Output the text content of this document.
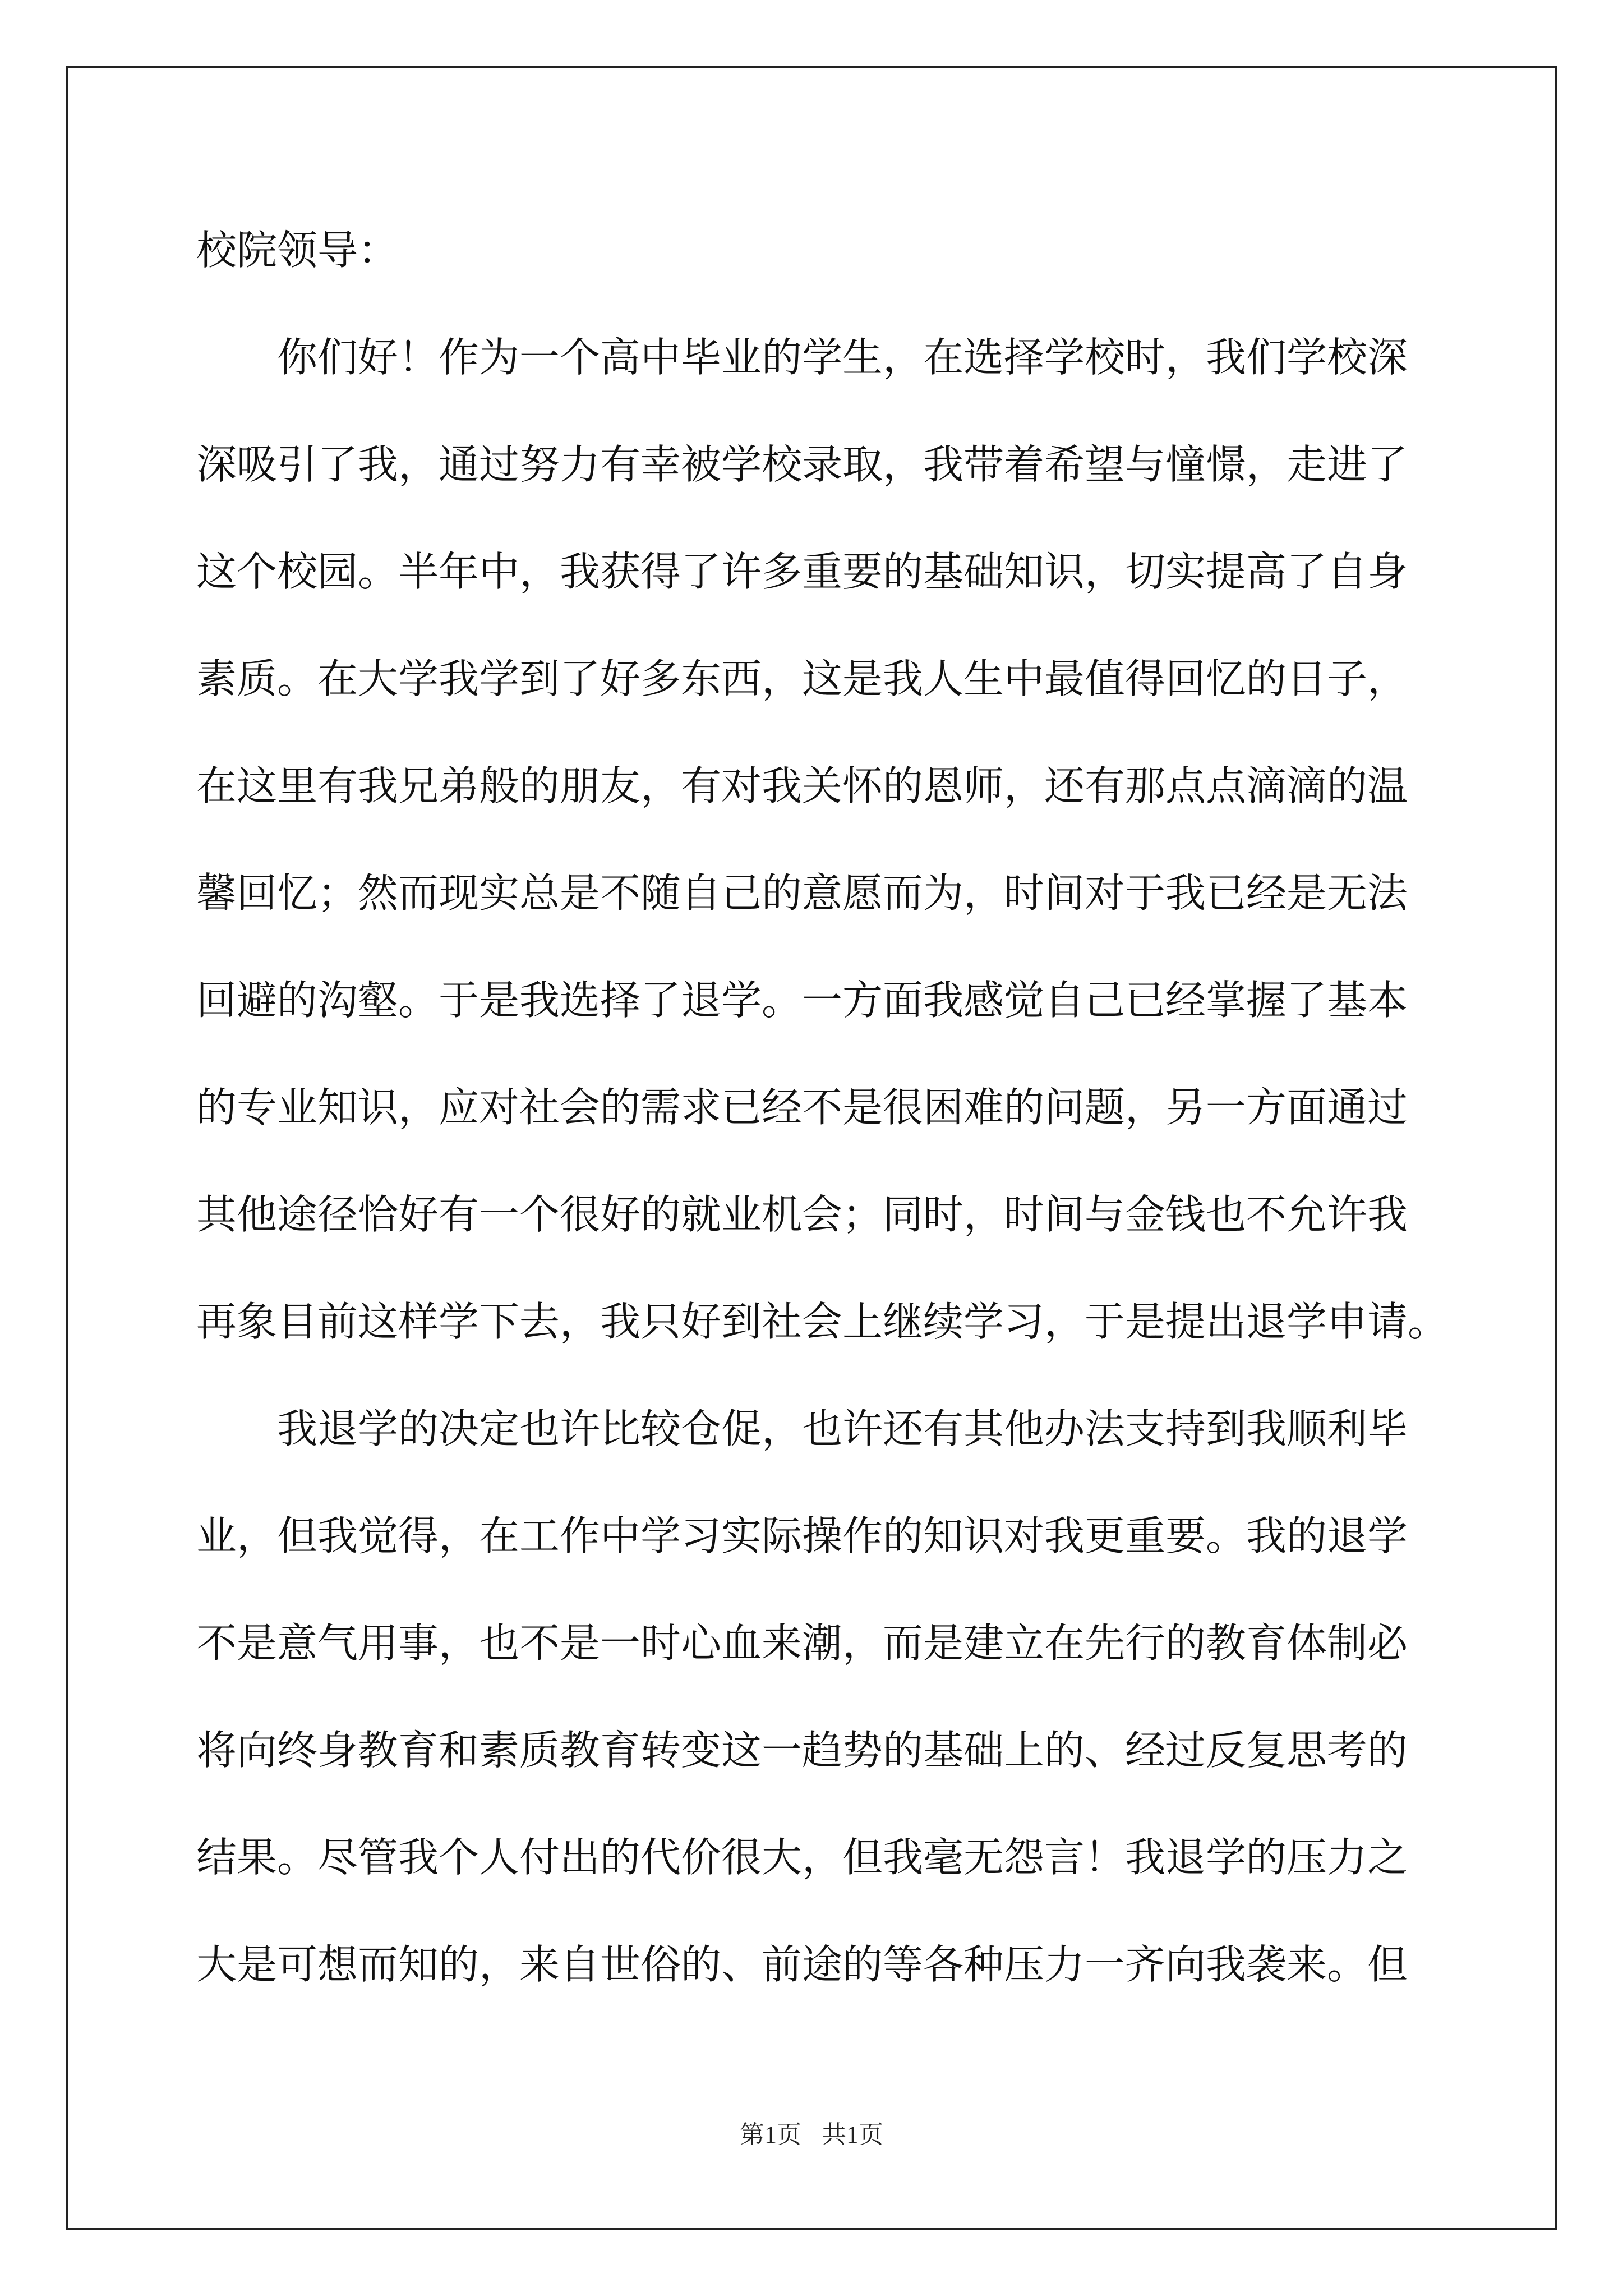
校院领导：
你们好！作为一个高中毕业的学生，在选择学校时，我们学校深
深吸引了我，通过努力有幸被学校录取，我带着希望与憧憬，走进了
这个校园。半年中，我获得了许多重要的基础知识，切实提高了自身
素质。在大学我学到了好多东西，这是我人生中最值得回忆的日子，
在这里有我兄弟般的朋友，有对我关怀的恩师，还有那点点滴滴的温
馨回忆；然而现实总是不随自己的意愿而为，时间对于我已经是无法
回避的沟壑。于是我选择了退学。一方面我感觉自己已经掌握了基本
的专业知识，应对社会的需求已经不是很困难的问题，另一方面通过
其他途径恰好有一个很好的就业机会；同时，时间与金钱也不允许我
再象目前这样学下去，我只好到社会上继续学习，于是提出退学申请。
我退学的决定也许比较仓促，也许还有其他办法支持到我顺利毕
业，但我觉得，在工作中学习实际操作的知识对我更重要。我的退学
不是意气用事，也不是一时心血来潮，而是建立在先行的教育体制必
将向终身教育和素质教育转变这一趋势的基础上的、经过反复思考的
结果。尽管我个人付出的代价很大，但我毫无怨言！我退学的压力之
大是可想而知的，来自世俗的、前途的等各种压力一齐向我袭来。但
第1页 共1页
